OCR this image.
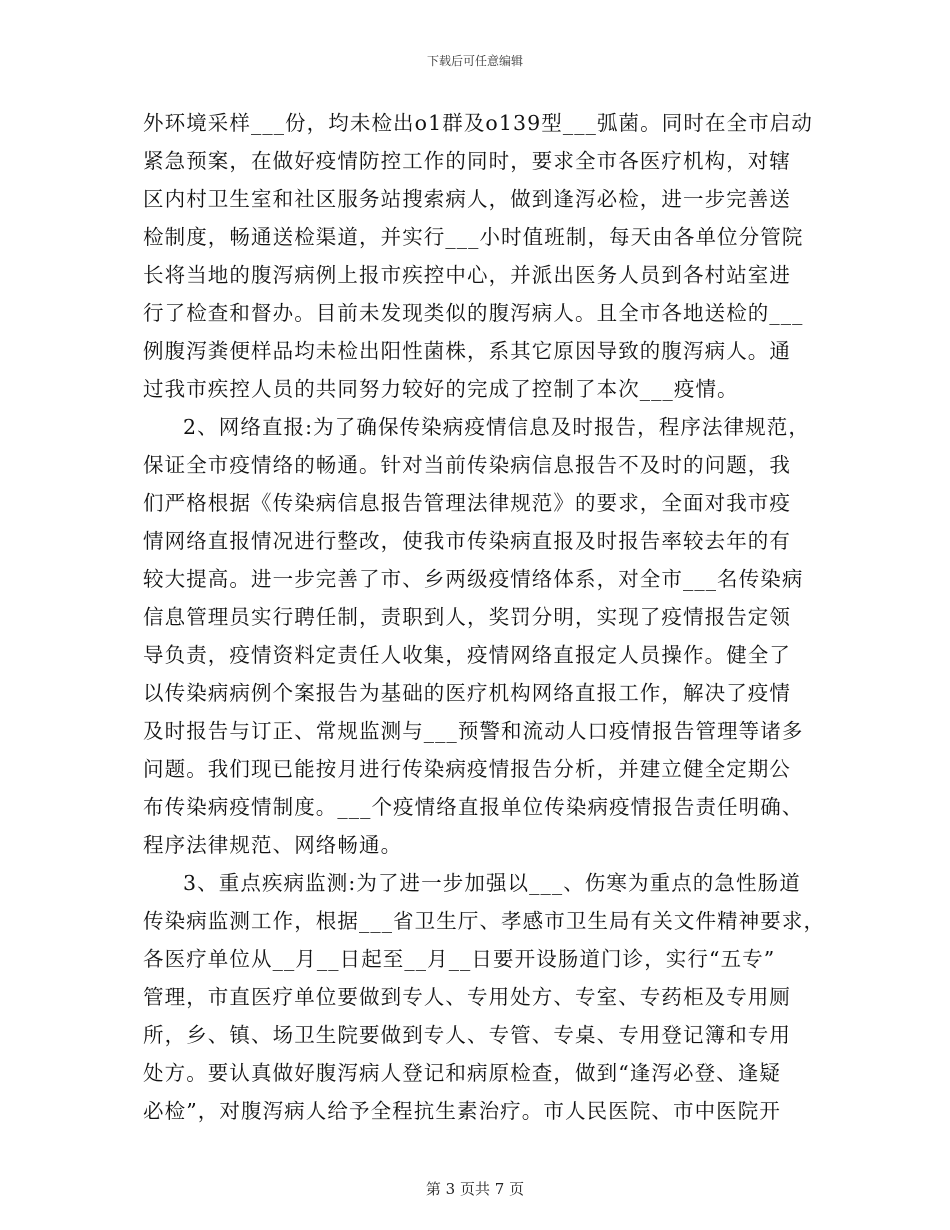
下载后可任意编辑
外环境采样___份，均未检出o1群及o139型___弧菌。同时在全市启动
紧急预案，在做好疫情防控工作的同时，要求全市各医疗机构，对辖
区内村卫生室和社区服务站搜索病人，做到逢泻必检，进一步完善送
检制度，畅通送检渠道，并实行___小时值班制，每天由各单位分管院
长将当地的腹泻病例上报市疾控中心，并派出医务人员到各村站室进
行了检查和督办。目前未发现类似的腹泻病人。且全市各地送检的___
例腹泻粪便样品均未检出阳性菌株，系其它原因导致的腹泻病人。通
过我市疾控人员的共同努力较好的完成了控制了本次___疫情。
2、网络直报:为了确保传染病疫情信息及时报告，程序法律规范，
保证全市疫情络的畅通。针对当前传染病信息报告不及时的问题，我
们严格根据《传染病信息报告管理法律规范》的要求，全面对我市疫
情网络直报情况进行整改，使我市传染病直报及时报告率较去年的有
较大提高。进一步完善了市、乡两级疫情络体系，对全市___名传染病
信息管理员实行聘任制，责职到人，奖罚分明，实现了疫情报告定领
导负责，疫情资料定责任人收集，疫情网络直报定人员操作。健全了
以传染病病例个案报告为基础的医疗机构网络直报工作，解决了疫情
及时报告与订正、常规监测与___预警和流动人口疫情报告管理等诸多
问题。我们现已能按月进行传染病疫情报告分析，并建立健全定期公
布传染病疫情制度。___个疫情络直报单位传染病疫情报告责任明确、
程序法律规范、网络畅通。
3、重点疾病监测:为了进一步加强以___、伤寒为重点的急性肠道
传染病监测工作，根据___省卫生厅、孝感市卫生局有关文件精神要求，
各医疗单位从__月__日起至__月__日要开设肠道门诊，实行“五专”
管理，市直医疗单位要做到专人、专用处方、专室、专药柜及专用厕
所，乡、镇、场卫生院要做到专人、专管、专桌、专用登记簿和专用
处方。要认真做好腹泻病人登记和病原检查，做到“逢泻必登、逢疑
必检”，对腹泻病人给予全程抗生素治疗。市人民医院、市中医院开
第 3 页共 7 页
